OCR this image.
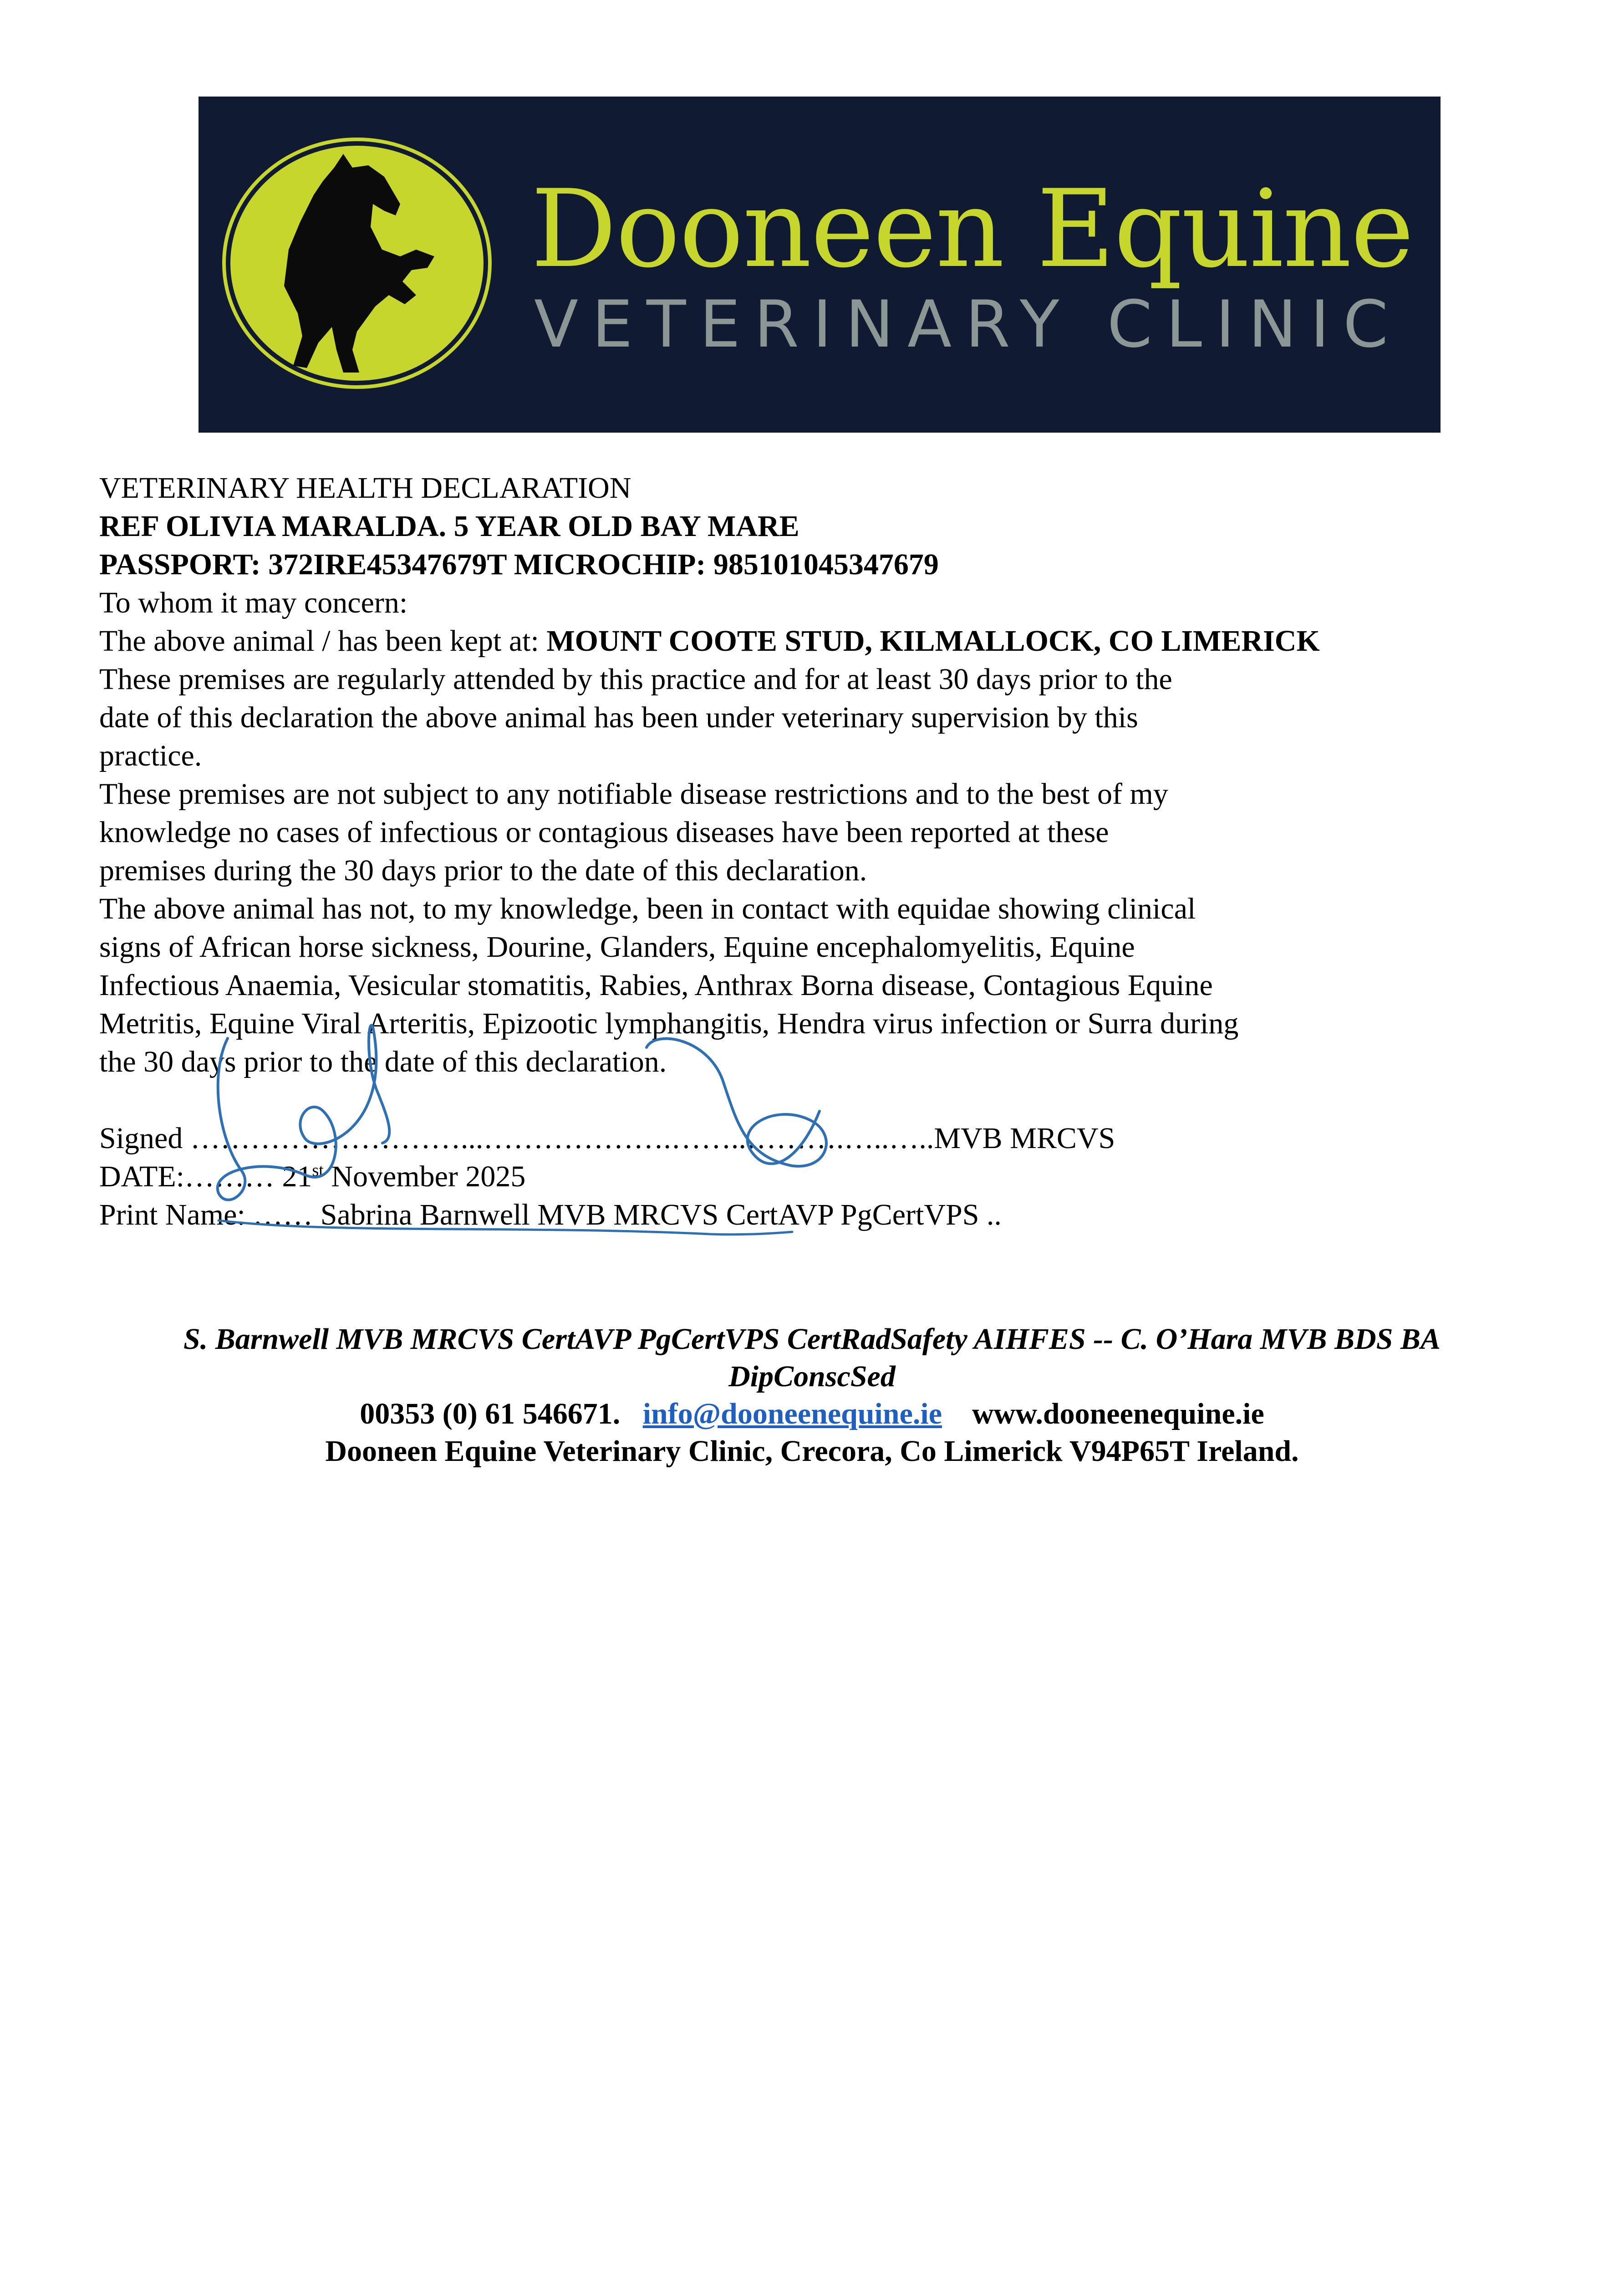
Dooneen Equine
VETERINARY CLINIC
VETERINARY HEALTH DECLARATION
REF OLIVIA MARALDA. 5 YEAR OLD BAY MARE
PASSPORT: 372IRE45347679T MICROCHIP: 985101045347679
To whom it may concern:
The above animal / has been kept at: MOUNT COOTE STUD, KILMALLOCK, CO LIMERICK
These premises are regularly attended by this practice and for at least 30 days prior to the
date of this declaration the above animal has been under veterinary supervision by this
practice.
These premises are not subject to any notifiable disease restrictions and to the best of my
knowledge no cases of infectious or contagious diseases have been reported at these
premises during the 30 days prior to the date of this declaration.
The above animal has not, to my knowledge, been in contact with equidae showing clinical
signs of African horse sickness, Dourine, Glanders, Equine encephalomyelitis, Equine
Infectious Anaemia, Vesicular stomatitis, Rabies, Anthrax Borna disease, Contagious Equine
Metritis, Equine Viral Arteritis, Epizootic lymphangitis, Hendra virus infection or Surra during
the 30 days prior to the date of this declaration.
Signed ………………………...……………….……..……….…..…..MVB MRCVS
DATE:……… 21st November 2025
Print Name: …… Sabrina Barnwell MVB MRCVS CertAVP PgCertVPS ..
S. Barnwell MVB MRCVS CertAVP PgCertVPS CertRadSafety AIHFES -- C. O’Hara MVB BDS BA
DipConscSed
00353 (0) 61 546671. info@dooneenequine.ie www.dooneenequine.ie
Dooneen Equine Veterinary Clinic, Crecora, Co Limerick V94P65T Ireland.
